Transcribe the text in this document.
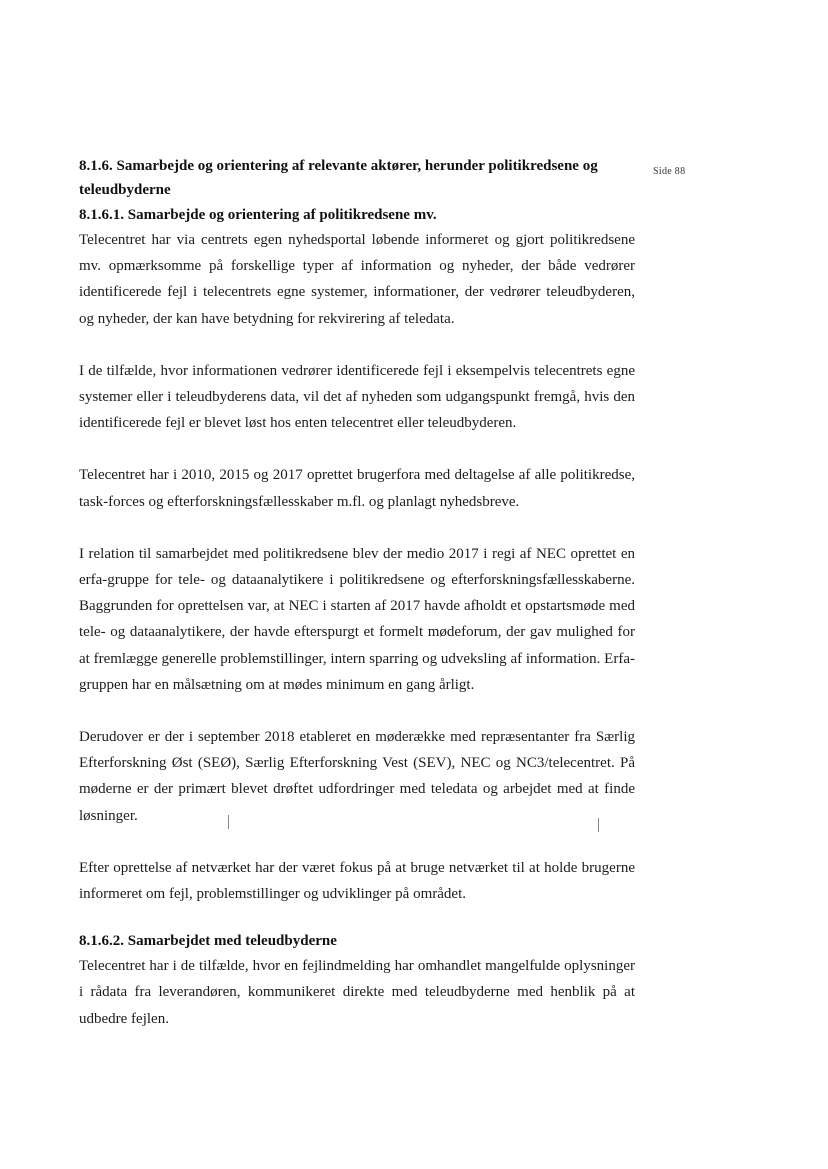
Side 88

8.1.6. Samarbejde og orientering af relevante aktører, herunder politikredsene og teleudbyderne

8.1.6.1. Samarbejde og orientering af politikredsene mv.

Telecentret har via centrets egen nyhedsportal løbende informeret og gjort politikredsene mv. opmærksomme på forskellige typer af information og nyheder, der både vedrører identificerede fejl i telecentrets egne systemer, informationer, der vedrører teleudbyderen, og nyheder, der kan have betydning for rekvirering af teledata.

I de tilfælde, hvor informationen vedrører identificerede fejl i eksempelvis telecentrets egne systemer eller i teleudbyderens data, vil det af nyheden som udgangspunkt fremgå, hvis den identificerede fejl er blevet løst hos enten telecentret eller teleudbyderen.

Telecentret har i 2010, 2015 og 2017 oprettet brugerfora med deltagelse af alle politikredse, task-forces og efterforskningsfællesskaber m.fl. og planlagt nyhedsbreve.

I relation til samarbejdet med politikredsene blev der medio 2017 i regi af NEC oprettet en erfa-gruppe for tele- og dataanalytikere i politikredsene og efterforskningsfællesskaberne. Baggrunden for oprettelsen var, at NEC i starten af 2017 havde afholdt et opstartsmøde med tele- og dataanalytikere, der havde efterspurgt et formelt mødeforum, der gav mulighed for at fremlægge generelle problemstillinger, intern sparring og udveksling af information. Erfa-gruppen har en målsætning om at mødes minimum en gang årligt.

Derudover er der i september 2018 etableret en møderække med repræsentanter fra Særlig Efterforskning Øst (SEØ), Særlig Efterforskning Vest (SEV), NEC og NC3/telecentret. På møderne er der primært blevet drøftet udfordringer med teledata og arbejdet med at finde løsninger.

Efter oprettelse af netværket har der været fokus på at bruge netværket til at holde brugerne informeret om fejl, problemstillinger og udviklinger på området.

8.1.6.2. Samarbejdet med teleudbyderne

Telecentret har i de tilfælde, hvor en fejlindmelding har omhandlet mangelfulde oplysninger i rådata fra leverandøren, kommunikeret direkte med teleudbyderne med henblik på at udbedre fejlen.
